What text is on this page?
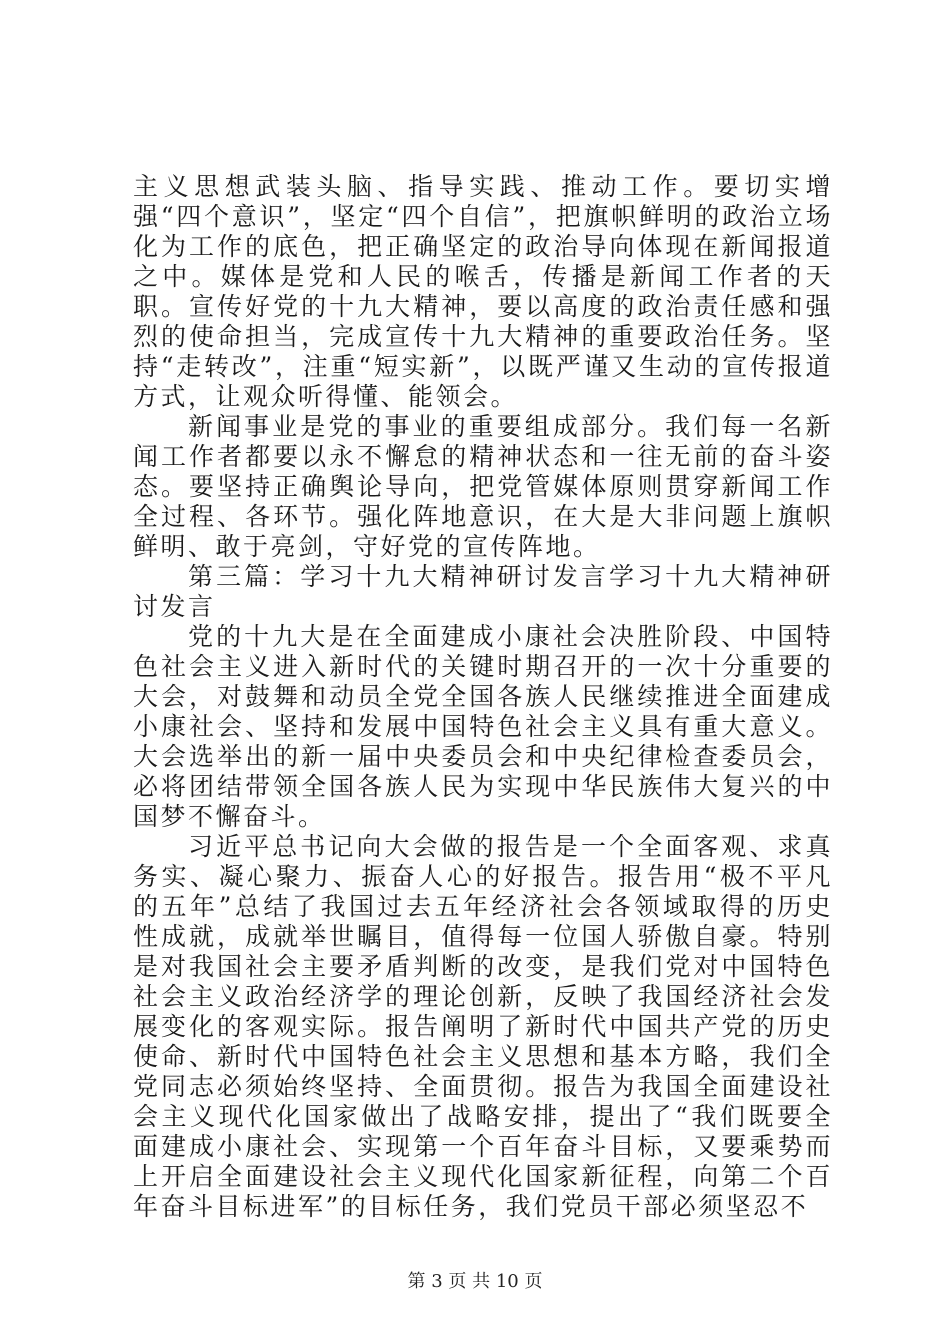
主义思想武装头脑、指导实践、推动工作。要切实增强“四个意识”，坚定“四个自信”，把旗帜鲜明的政治立场化为工作的底色，把正确坚定的政治导向体现在新闻报道之中。媒体是党和人民的喉舌，传播是新闻工作者的天职。宣传好党的十九大精神，要以高度的政治责任感和强烈的使命担当，完成宣传十九大精神的重要政治任务。坚持“走转改”，注重“短实新”，以既严谨又生动的宣传报道方式，让观众听得懂、能领会。

新闻事业是党的事业的重要组成部分。我们每一名新闻工作者都要以永不懈怠的精神状态和一往无前的奋斗姿态。要坚持正确舆论导向，把党管媒体原则贯穿新闻工作全过程、各环节。强化阵地意识，在大是大非问题上旗帜鲜明、敢于亮剑，守好党的宣传阵地。

第三篇：学习十九大精神研讨发言学习十九大精神研讨发言

党的十九大是在全面建成小康社会决胜阶段、中国特色社会主义进入新时代的关键时期召开的一次十分重要的大会，对鼓舞和动员全党全国各族人民继续推进全面建成小康社会、坚持和发展中国特色社会主义具有重大意义。大会选举出的新一届中央委员会和中央纪律检查委员会，必将团结带领全国各族人民为实现中华民族伟大复兴的中国梦不懈奋斗。

习近平总书记向大会做的报告是一个全面客观、求真务实、凝心聚力、振奋人心的好报告。报告用“极不平凡的五年”总结了我国过去五年经济社会各领域取得的历史性成就，成就举世瞩目，值得每一位国人骄傲自豪。特别是对我国社会主要矛盾判断的改变，是我们党对中国特色社会主义政治经济学的理论创新，反映了我国经济社会发展变化的客观实际。报告阐明了新时代中国共产党的历史使命、新时代中国特色社会主义思想和基本方略，我们全党同志必须始终坚持、全面贯彻。报告为我国全面建设社会主义现代化国家做出了战略安排，提出了“我们既要全面建成小康社会、实现第一个百年奋斗目标，又要乘势而上开启全面建设社会主义现代化国家新征程，向第二个百年奋斗目标进军”的目标任务，我们党员干部必须坚忍不

第 3 页 共 10 页
